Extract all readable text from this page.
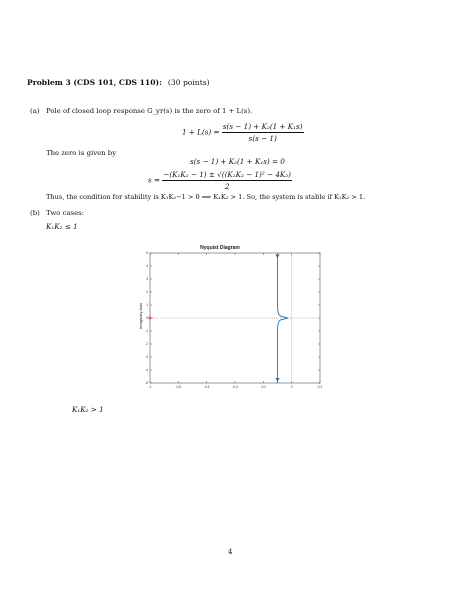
Problem 3 (CDS 101, CDS 110): (30 points)
(a) Pole of closed loop response G_yr(s) is the zero of 1 + L(s).
$1 + L(s) = \frac{\text{s(s − 1) + K₂(1 + K₁s)}}{s(s - 1)}$
The zero is given by
s(s − 1) + K₂(1 + K₁s) = 0
$s = \frac{\text{−(K₁K₂ − 1) ± √((K₁K₂ − 1)² − 4K₂)}}{2}$
Thus, the condition for stability is K₁K₂−1 > 0 ⟹ K₁K₂ > 1. So, the system is stable if K₁K₂ > 1.
(b) Two cases:
K₁K₂ ≤ 1
Nyquist Diagram
Imaginary Axis
-1	-0.8	-0.6	-0.4	-0.2	0	0.2
-5
-4
-3
-2
-1
0
1
2
3
4
5
K₁K₂ > 1
4
